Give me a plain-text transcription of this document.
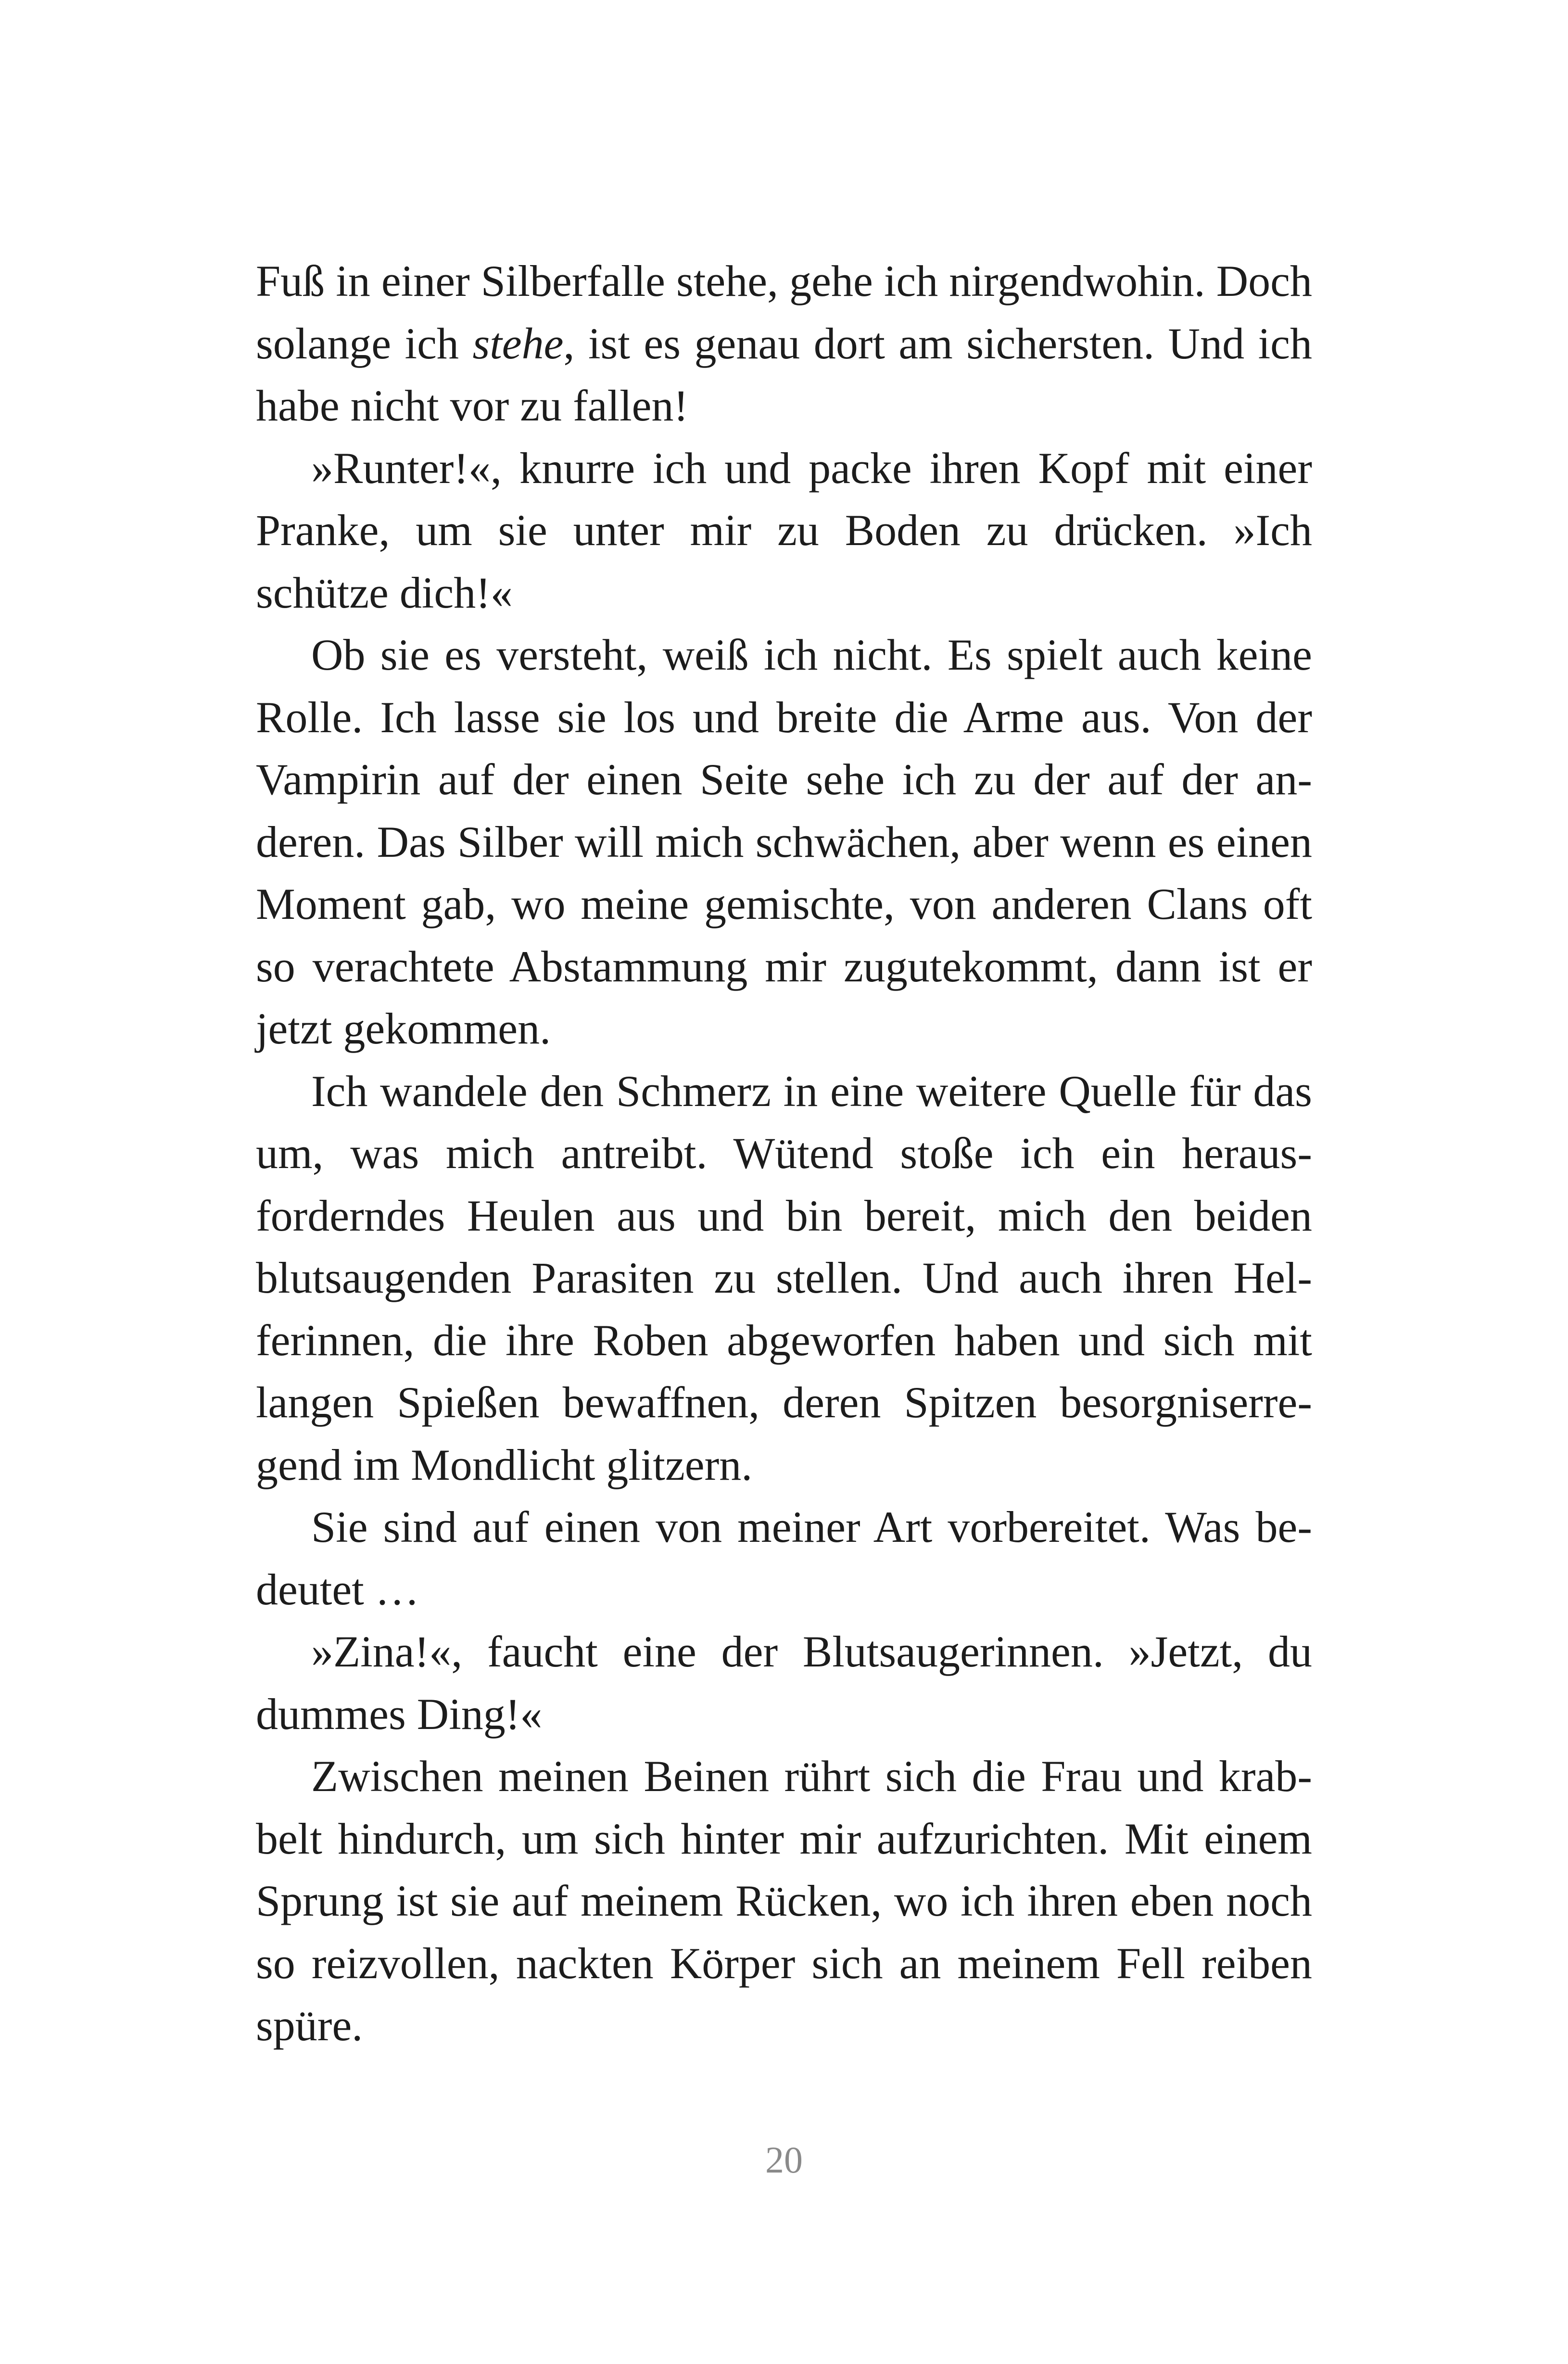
Fuß in einer Silberfalle stehe, gehe ich nirgendwohin. Doch solange ich stehe, ist es genau dort am sichersten. Und ich habe nicht vor zu fallen!

»Runter!«, knurre ich und packe ihren Kopf mit einer Pranke, um sie unter mir zu Boden zu drücken. »Ich schütze dich!«

Ob sie es versteht, weiß ich nicht. Es spielt auch keine Rolle. Ich lasse sie los und breite die Arme aus. Von der Vampirin auf der einen Seite sehe ich zu der auf der anderen. Das Silber will mich schwächen, aber wenn es einen Moment gab, wo meine gemischte, von anderen Clans oft so verachtete Abstammung mir zugutekommt, dann ist er jetzt gekommen.

Ich wandele den Schmerz in eine weitere Quelle für das um, was mich antreibt. Wütend stoße ich ein herausforderndes Heulen aus und bin bereit, mich den beiden blutsaugenden Parasiten zu stellen. Und auch ihren Helferinnen, die ihre Roben abgeworfen haben und sich mit langen Spießen bewaffnen, deren Spitzen besorgniserregend im Mondlicht glitzern.

Sie sind auf einen von meiner Art vorbereitet. Was bedeutet …

»Zina!«, faucht eine der Blutsaugerinnen. »Jetzt, du dummes Ding!«

Zwischen meinen Beinen rührt sich die Frau und krabbelt hindurch, um sich hinter mir aufzurichten. Mit einem Sprung ist sie auf meinem Rücken, wo ich ihren eben noch so reizvollen, nackten Körper sich an meinem Fell reiben spüre.

20
